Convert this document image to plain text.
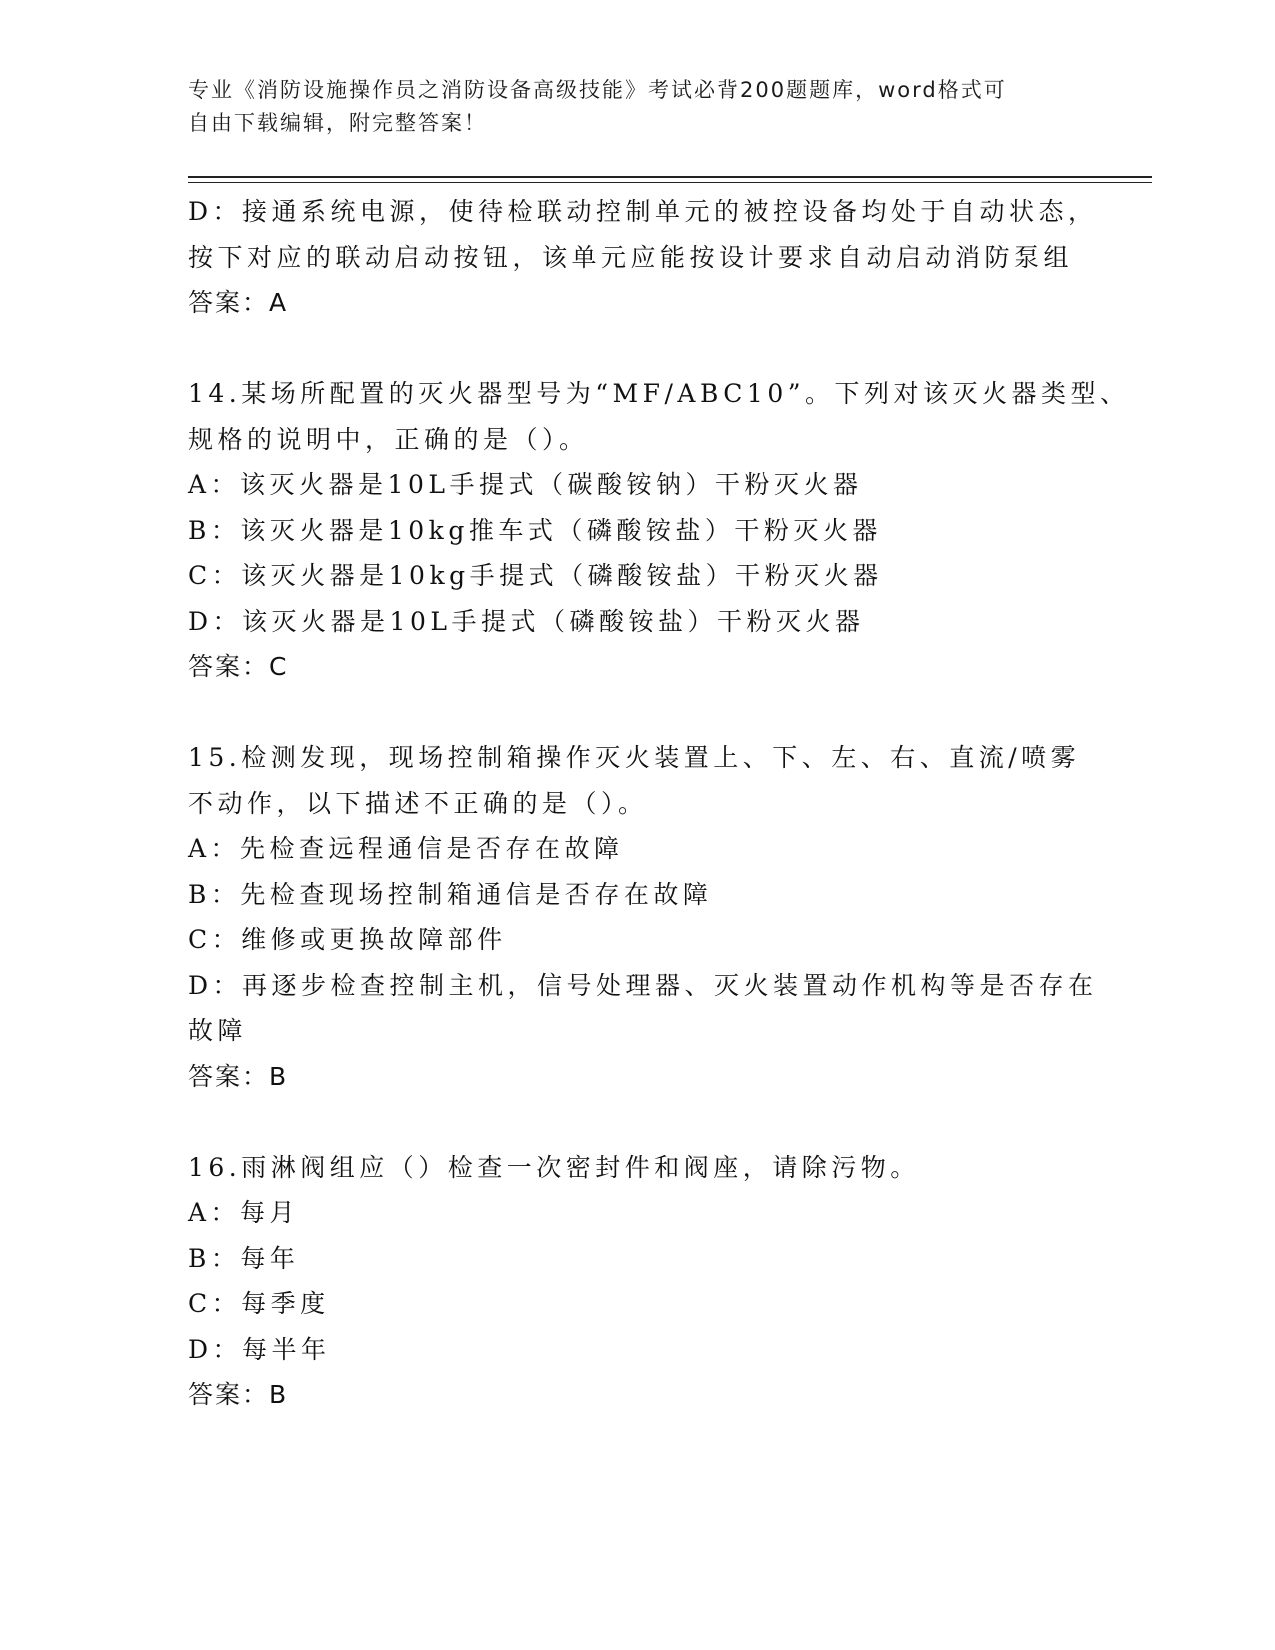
专业《消防设施操作员之消防设备高级技能》考试必背200题题库，word格式可
自由下载编辑，附完整答案！
D：接通系统电源，使待检联动控制单元的被控设备均处于自动状态，
按下对应的联动启动按钮，该单元应能按设计要求自动启动消防泵组
答案：A
14.某场所配置的灭火器型号为“MF/ABC10”。下列对该灭火器类型、
规格的说明中，正确的是（）。
A：该灭火器是10L手提式（碳酸铵钠）干粉灭火器
B：该灭火器是10kg推车式（磷酸铵盐）干粉灭火器
C：该灭火器是10kg手提式（磷酸铵盐）干粉灭火器
D：该灭火器是10L手提式（磷酸铵盐）干粉灭火器
答案：C
15.检测发现，现场控制箱操作灭火装置上、下、左、右、直流/喷雾
不动作，以下描述不正确的是（）。
A：先检查远程通信是否存在故障
B：先检查现场控制箱通信是否存在故障
C：维修或更换故障部件
D：再逐步检查控制主机，信号处理器、灭火装置动作机构等是否存在
故障
答案：B
16.雨淋阀组应（）检查一次密封件和阀座，请除污物。
A：每月
B：每年
C：每季度
D：每半年
答案：B
